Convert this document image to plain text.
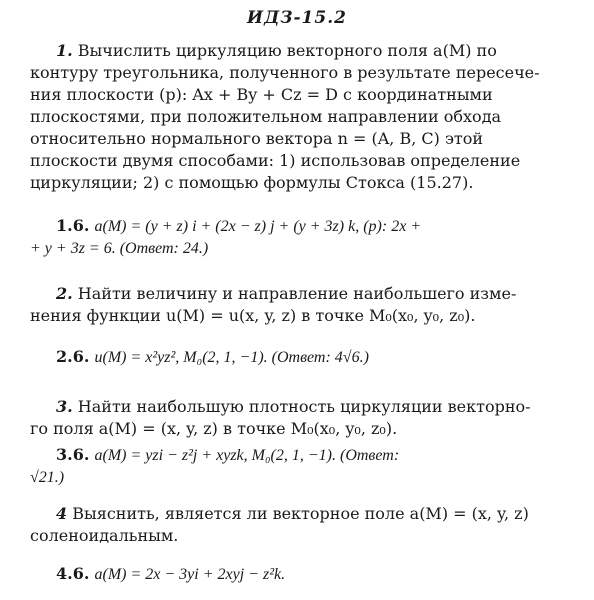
ИДЗ-15.2
1. Вычислить циркуляцию векторного поля a(M) по
контуру треугольника, полученного в результате пересече-
ния плоскости (p): Ax + By + Cz = D с координатными
плоскостями, при положительном направлении обхода
относительно нормального вектора n = (A, B, C) этой
плоскости двумя способами: 1) использовав определение
циркуляции; 2) с помощью формулы Стокса (15.27).
1.6. a(M) = (y + z) i + (2x − z) j + (y + 3z) k, (p): 2x +
+ y + 3z = 6. (Ответ: 24.)
2. Найти величину и направление наибольшего изме-
нения функции u(M) = u(x, y, z) в точке M₀(x₀, y₀, z₀).
2.6. u(M) = x²yz², M₀(2, 1, −1). (Ответ: 4√6.)
3. Найти наибольшую плотность циркуляции векторно-
го поля a(M) = (x, y, z) в точке M₀(x₀, y₀, z₀).
3.6. a(M) = yzi − z²j + xyzk, M₀(2, 1, −1). (Ответ:
√21.)
4 Выяснить, является ли векторное поле a(M) = (x, y, z)
соленоидальным.
4.6. a(M) = 2x − 3yi + 2xyj − z²k.
